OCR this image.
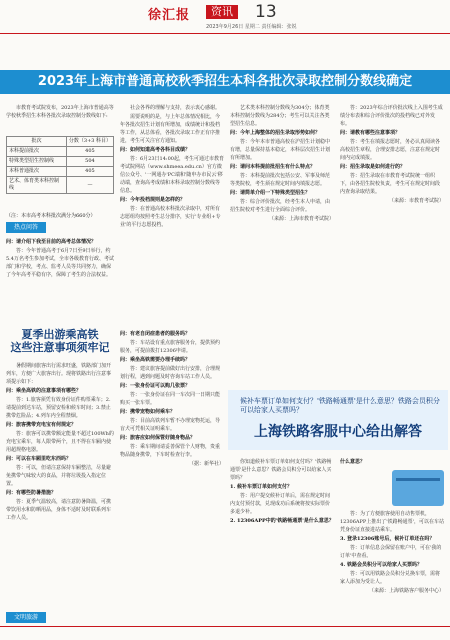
徐汇报	资讯 13
2023年9月26日 星期二 责任编辑：张锐
2023年上海市普通高校秋季招生本科各批次录取控制分数线确定

市教育考试院发布，2023年上海市普通高等学校秋季招生本科各批次录取控制分数线如下:

批次	分数（3+3 科目）
本科提前批次	405
特殊类型招生控制线	504
本科普通批次	405
艺术、体育类本科控制线	—
（注：本市高考本科批次满分为660分）
热点问答

问：请介绍下我至目前的高考总体情况？

答：今年普通高考于6月7日至9日举行，约5.4万名考生参加考试，全市各级教育行政、考试部门和学校，考点、监考人员等共同努力，确保了今年高考平稳有序，保障了考生的合法权益。

社会各界的理解与支持，表示衷心感谢。

需要说明的是，与上年总体情况相比，今年各批次招生计划有所增加，成绩统计和投档等工作，从总体看，各批次录取工作正有序推进，考生可关注官方通知。

问：如何知道高考各科目成绩？

答：6月23日14:00起，考生可通过市教育考试院网站（www.shmeea.edu.cn）官方微信公众号、'一网通办'PC端和'随申办市民云'移动端，查询高考成绩和本科录取控制分数线等信息。

问：今年投档规则是怎样的？

答：在普通高校本科批次录取中，对所有志愿组均按照考生总分排序，实行'专业组+专业'的平行志愿投档。

艺术类本科控制分数线为304分；体育类本科控制分数线为284分；考生可以关注各类型招生信息。

问：今年上海整体的招生录取形势如何？

答：今年本市普通高校在沪招生计划稳中有增，总量保持基本稳定，本科层次招生计划有所增加。

问：请问本科提前批招生有什么特点？

答：本科提前批次包括公安、军事及师范等类院校，考生须在规定时间内填报志愿。

问：请简单介绍一下特殊类型招生？

答：综合评价批次，经考生本人申请，由招生院校对考生进行全面综合评价。

（来源：上海市教育考试院）

答：2023年综合评价批次线上入围考生成绩分布表和综合评价批次的投档线已对外发布。

问：请教有哪些注意事项？

答：考生在填报志愿时，务必认真阅读各高校招生章程，合理安排志愿，注意在规定时间内完成填报。

问：招生录取是如何进行的？

答：招生录取在市教育考试院统一组织下，由各招生院校负责，考生可在规定时间段内查询录取结果。

（来源：市教育考试院）

夏季出游乘高铁
这些注意事项须牢记

暑假期间旅客出行需求旺盛，铁路部门加开列车，方便广大旅客出行。现将铁路出行注意事项提示如下：

问：乘坐高铁的注意事项有哪些？

答：1.旅客须凭有效身份证件购票乘车；2.请提前到达车站，预留安检和候车时间；3.禁止携带危险品；4.列车内全程禁烟。

问：旅客携带充电宝有何规定？

答：旅客可以携带额定能量不超过100Wh的充电宝乘车，每人限带两个，且不得在车厢内使用超规格电器。

问：可以在车厢里吃东西吗？

答：可以，但请注意保持车厢整洁，尽量避免携带气味较大的食品，并将垃圾投入指定位置。

问：有哪些防暑措施？

答：夏季气温较高，请注意防暑降温，可携带饮用水和防晒用品，身体不适时及时联系列车工作人员。

文明旅游

问：有老自闭症患者的服务吗？

答：车站设有重点旅客服务台，提供预约服务，可提前拨打12306申请。

问：乘坐高铁需要办理手续吗？

答：建议旅客提前做好出行安排，合理规划行程，遇到问题及时咨询车站工作人员。

问：一张身份证可以购几张票？

答：一张身份证在同一车次同一日期只能购买一张车票。

问：携带宠物如何乘车？

答：目前高铁列车暂不办理宠物托运，导盲犬可凭相关证明乘车。

问：旅客应如何保管好随身物品？

答：乘车期间请妥善保管个人财物，贵重物品随身携带，下车时检查行李。

（据：新华社）

候补车票订单如何支付？'铁路畅通票'是什么意思？铁路会员积分可以给家人买票吗？
上海铁路客服中心给出解答

你知道候补车票订单如何支付吗？'铁路畅通票'是什么意思？铁路会员积分可以给家人买票吗？

1. 候补车票订单如何支付？

答：用户提交候补订单后，需在规定时间内支付预付款，兑现成功后系统将按实际票价多退少补。

2. 12306APP中的'铁路畅通票'是什么意思？

什么意思？

答：为了方便旅客使用自动售票机，12306APP上推出了'铁路畅通票'，可以在车站凭身份证直接进站乘车。

3. 登录12306账号后，候补订单还在吗？

答：订单信息会保留在账户中，可在'我的订单'中查看。

4. 铁路会员积分可以给家人买票吗？

答：可以用铁路会员积分兑换车票，需将家人添加为受让人。

（来源：上海铁路客户服务中心）
